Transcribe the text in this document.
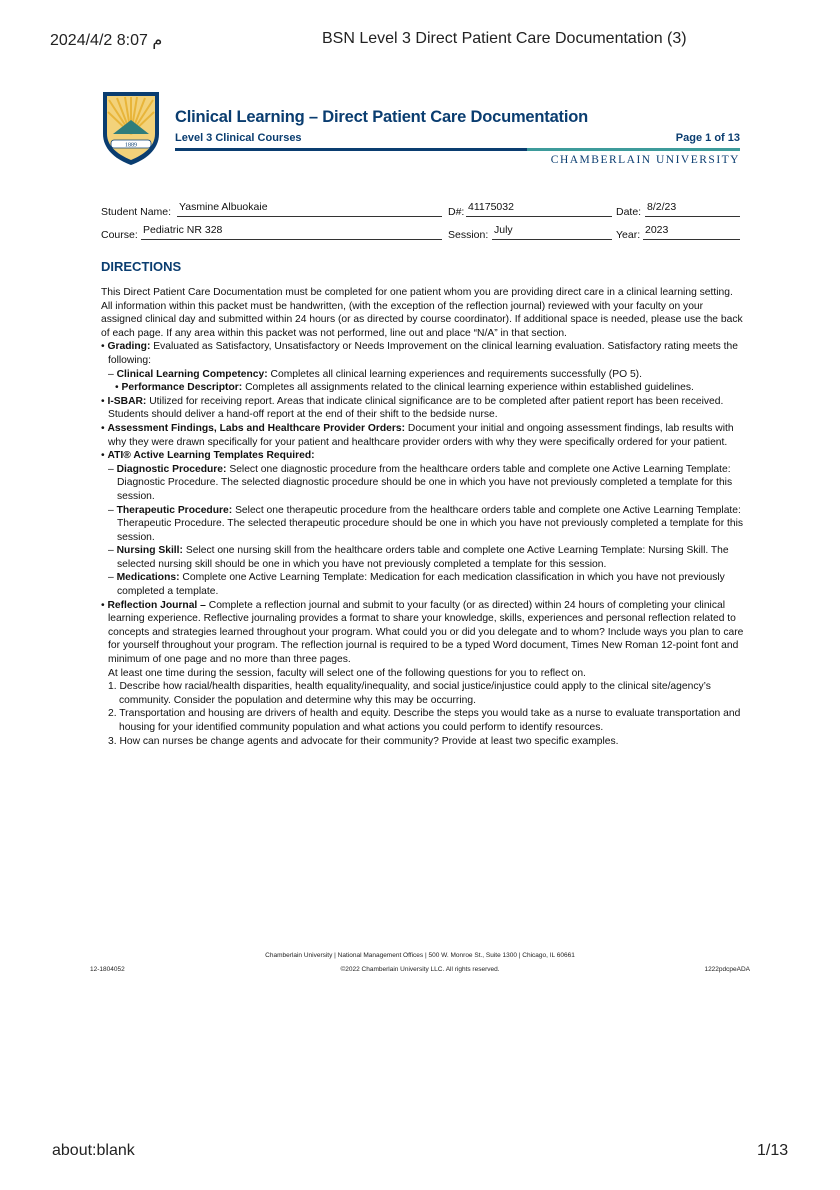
م 8:07 2024/4/2	BSN Level 3 Direct Patient Care Documentation (3)
1889
Clinical Learning – Direct Patient Care Documentation
Level 3 Clinical Courses	Page 1 of 13
CHAMBERLAIN UNIVERSITY
Student Name: Yasmine Albuokaie	D#: 41175032	Date: 8/2/23
Course: Pediatric NR 328	Session: July	Year: 2023
DIRECTIONS

This Direct Patient Care Documentation must be completed for one patient whom you are providing direct care in a clinical learning setting. All information within this packet must be handwritten, (with the exception of the reflection journal) reviewed with your faculty on your assigned clinical day and submitted within 24 hours (or as directed by course coordinator). If additional space is needed, please use the back of each page. If any area within this packet was not performed, line out and place “N/A” in that section.

• Grading: Evaluated as Satisfactory, Unsatisfactory or Needs Improvement on the clinical learning evaluation. Satisfactory rating meets the following:

– Clinical Learning Competency: Completes all clinical learning experiences and requirements successfully (PO 5).

• Performance Descriptor: Completes all assignments related to the clinical learning experience within established guidelines.

• I-SBAR: Utilized for receiving report. Areas that indicate clinical significance are to be completed after patient report has been received. Students should deliver a hand-off report at the end of their shift to the bedside nurse.

• Assessment Findings, Labs and Healthcare Provider Orders: Document your initial and ongoing assessment findings, lab results with why they were drawn specifically for your patient and healthcare provider orders with why they were specifically ordered for your patient.

• ATI® Active Learning Templates Required:

– Diagnostic Procedure: Select one diagnostic procedure from the healthcare orders table and complete one Active Learning Template: Diagnostic Procedure. The selected diagnostic procedure should be one in which you have not previously completed a template for this session.

– Therapeutic Procedure: Select one therapeutic procedure from the healthcare orders table and complete one Active Learning Template: Therapeutic Procedure. The selected therapeutic procedure should be one in which you have not previously completed a template for this session.

– Nursing Skill: Select one nursing skill from the healthcare orders table and complete one Active Learning Template: Nursing Skill. The selected nursing skill should be one in which you have not previously completed a template for this session.

– Medications: Complete one Active Learning Template: Medication for each medication classification in which you have not previously completed a template.

• Reflection Journal – Complete a reflection journal and submit to your faculty (or as directed) within 24 hours of completing your clinical learning experience. Reflective journaling provides a format to share your knowledge, skills, experiences and personal reflection related to concepts and strategies learned throughout your program. What could you or did you delegate and to whom? Include ways you plan to care for yourself throughout your program. The reflection journal is required to be a typed Word document, Times New Roman 12-point font and minimum of one page and no more than three pages.

At least one time during the session, faculty will select one of the following questions for you to reflect on.

1. Describe how racial/health disparities, health equality/inequality, and social justice/injustice could apply to the clinical site/agency’s community. Consider the population and determine why this may be occurring.

2. Transportation and housing are drivers of health and equity. Describe the steps you would take as a nurse to evaluate transportation and housing for your identified community population and what actions you could perform to identify resources.

3. How can nurses be change agents and advocate for their community? Provide at least two specific examples.

Chamberlain University | National Management Offices | 500 W. Monroe St., Suite 1300 | Chicago, IL 60661
©2022 Chamberlain University LLC. All rights reserved.
12-1804052	1222pdcpeADA
about:blank	1/13
